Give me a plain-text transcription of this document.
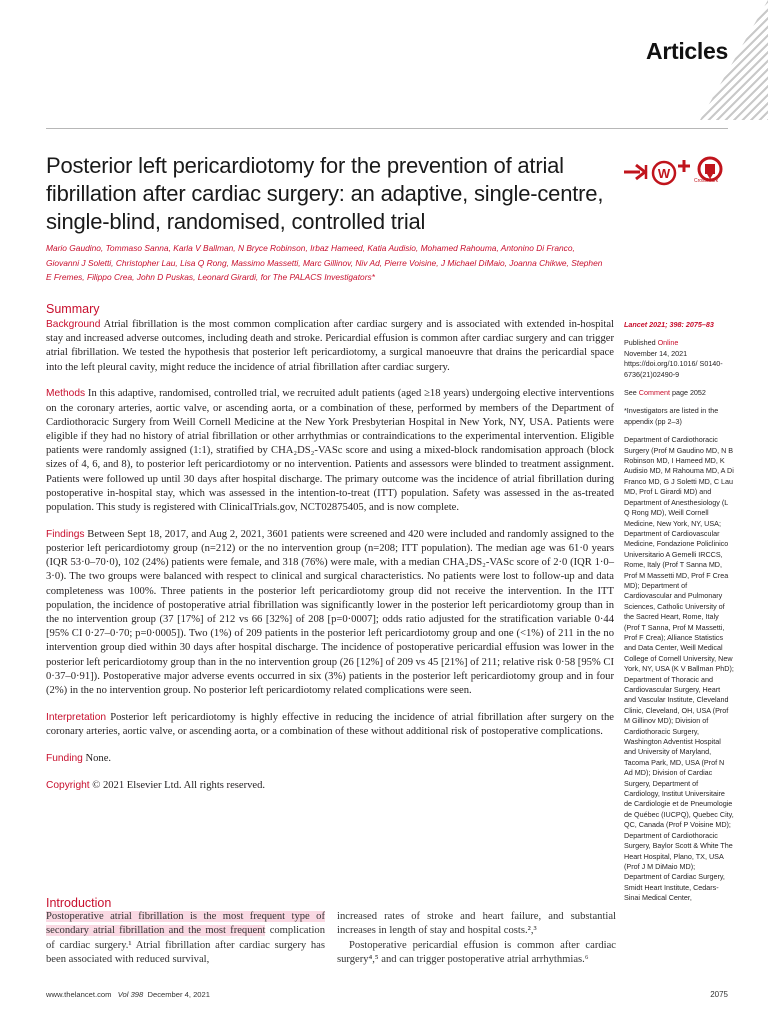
Articles
Posterior left pericardiotomy for the prevention of atrial fibrillation after cardiac surgery: an adaptive, single-centre, single-blind, randomised, controlled trial
W	CrossMark
Mario Gaudino, Tommaso Sanna, Karla V Ballman, N Bryce Robinson, Irbaz Hameed, Katia Audisio, Mohamed Rahouma, Antonino Di Franco, Giovanni J Soletti, Christopher Lau, Lisa Q Rong, Massimo Massetti, Marc Gillinov, Niv Ad, Pierre Voisine, J Michael DiMaio, Joanna Chikwe, Stephen E Fremes, Filippo Crea, John D Puskas, Leonard Girardi, for The PALACS Investigators*
Summary

Background Atrial fibrillation is the most common complication after cardiac surgery and is associated with extended in-hospital stay and increased adverse outcomes, including death and stroke. Pericardial effusion is common after cardiac surgery and can trigger atrial fibrillation. We tested the hypothesis that posterior left pericardiotomy, a surgical manoeuvre that drains the pericardial space into the left pleural cavity, might reduce the incidence of atrial fibrillation after cardiac surgery.

Methods In this adaptive, randomised, controlled trial, we recruited adult patients (aged ≥18 years) undergoing elective interventions on the coronary arteries, aortic valve, or ascending aorta, or a combination of these, performed by members of the Department of Cardiothoracic Surgery from Weill Cornell Medicine at the New York Presbyterian Hospital in New York, NY, USA. Patients were eligible if they had no history of atrial fibrillation or other arrhythmias or contraindications to the experimental intervention. Eligible patients were randomly assigned (1:1), stratified by CHA₂DS₂-VASc score and using a mixed-block randomisation approach (block sizes of 4, 6, and 8), to posterior left pericardiotomy or no intervention. Patients and assessors were blinded to treatment assignment. Patients were followed up until 30 days after hospital discharge. The primary outcome was the incidence of atrial fibrillation during postoperative in-hospital stay, which was assessed in the intention-to-treat (ITT) population. Safety was assessed in the as-treated population. This study is registered with ClinicalTrials.gov, NCT02875405, and is now complete.

Findings Between Sept 18, 2017, and Aug 2, 2021, 3601 patients were screened and 420 were included and randomly assigned to the posterior left pericardiotomy group (n=212) or the no intervention group (n=208; ITT population). The median age was 61·0 years (IQR 53·0–70·0), 102 (24%) patients were female, and 318 (76%) were male, with a median CHA₂DS₂-VASc score of 2·0 (IQR 1·0–3·0). The two groups were balanced with respect to clinical and surgical characteristics. No patients were lost to follow-up and data completeness was 100%. Three patients in the posterior left pericardiotomy group did not receive the intervention. In the ITT population, the incidence of postoperative atrial fibrillation was significantly lower in the posterior left pericardiotomy group than in the no intervention group (37 [17%] of 212 vs 66 [32%] of 208 [p=0·0007]; odds ratio adjusted for the stratification variable 0·44 [95% CI 0·27–0·70; p=0·0005]). Two (1%) of 209 patients in the posterior left pericardiotomy group and one (<1%) of 211 in the no intervention group died within 30 days after hospital discharge. The incidence of postoperative pericardial effusion was lower in the posterior left pericardiotomy group than in the no intervention group (26 [12%] of 209 vs 45 [21%] of 211; relative risk 0·58 [95% CI 0·37–0·91]). Postoperative major adverse events occurred in six (3%) patients in the posterior left pericardiotomy group and in four (2%) in the no intervention group. No posterior left pericardiotomy related complications were seen.

Interpretation Posterior left pericardiotomy is highly effective in reducing the incidence of atrial fibrillation after surgery on the coronary arteries, aortic valve, or ascending aorta, or a combination of these without additional risk of postoperative complications.

Funding None.

Copyright © 2021 Elsevier Ltd. All rights reserved.

Introduction

Postoperative atrial fibrillation is the most frequent type of secondary atrial fibrillation and the most frequent complication of cardiac surgery.¹ Atrial fibrillation after cardiac surgery has been associated with reduced survival,

increased rates of stroke and heart failure, and substantial increases in length of stay and hospital costs.²,³

Postoperative pericardial effusion is common after cardiac surgery⁴,⁵ and can trigger postoperative atrial arrhythmias.⁶

Lancet 2021; 398: 2075–83

Published Online

November 14, 2021

https://doi.org/10.1016/ S0140-6736(21)02490-9

See Comment page 2052

*Investigators are listed in the appendix (pp 2–3)

Department of Cardiothoracic Surgery (Prof M Gaudino MD, N B Robinson MD, I Hameed MD, K Audisio MD, M Rahouma MD, A Di Franco MD, G J Soletti MD, C Lau MD, Prof L Girardi MD) and Department of Anesthesiology (L Q Rong MD), Weill Cornell Medicine, New York, NY, USA; Department of Cardiovascular Medicine, Fondazione Policlinico Universitario A Gemelli IRCCS, Rome, Italy (Prof T Sanna MD, Prof M Massetti MD, Prof F Crea MD); Department of Cardiovascular and Pulmonary Sciences, Catholic University of the Sacred Heart, Rome, Italy (Prof T Sanna, Prof M Massetti, Prof F Crea); Alliance Statistics and Data Center, Weill Medical College of Cornell University, New York, NY, USA (K V Ballman PhD); Department of Thoracic and Cardiovascular Surgery, Heart and Vascular Institute, Cleveland Clinic, Cleveland, OH, USA (Prof M Gillinov MD); Division of Cardiothoracic Surgery, Washington Adventist Hospital and University of Maryland, Tacoma Park, MD, USA (Prof N Ad MD); Division of Cardiac Surgery, Department of Cardiology, Institut Universitaire de Cardiologie et de Pneumologie de Québec (IUCPQ), Quebec City, QC, Canada (Prof P Voisine MD); Department of Cardiothoracic Surgery, Baylor Scott & White The Heart Hospital, Plano, TX, USA (Prof J M DiMaio MD); Department of Cardiac Surgery, Smidt Heart Institute, Cedars-Sinai Medical Center,

www.thelancet.com Vol 398 December 4, 2021	2075
